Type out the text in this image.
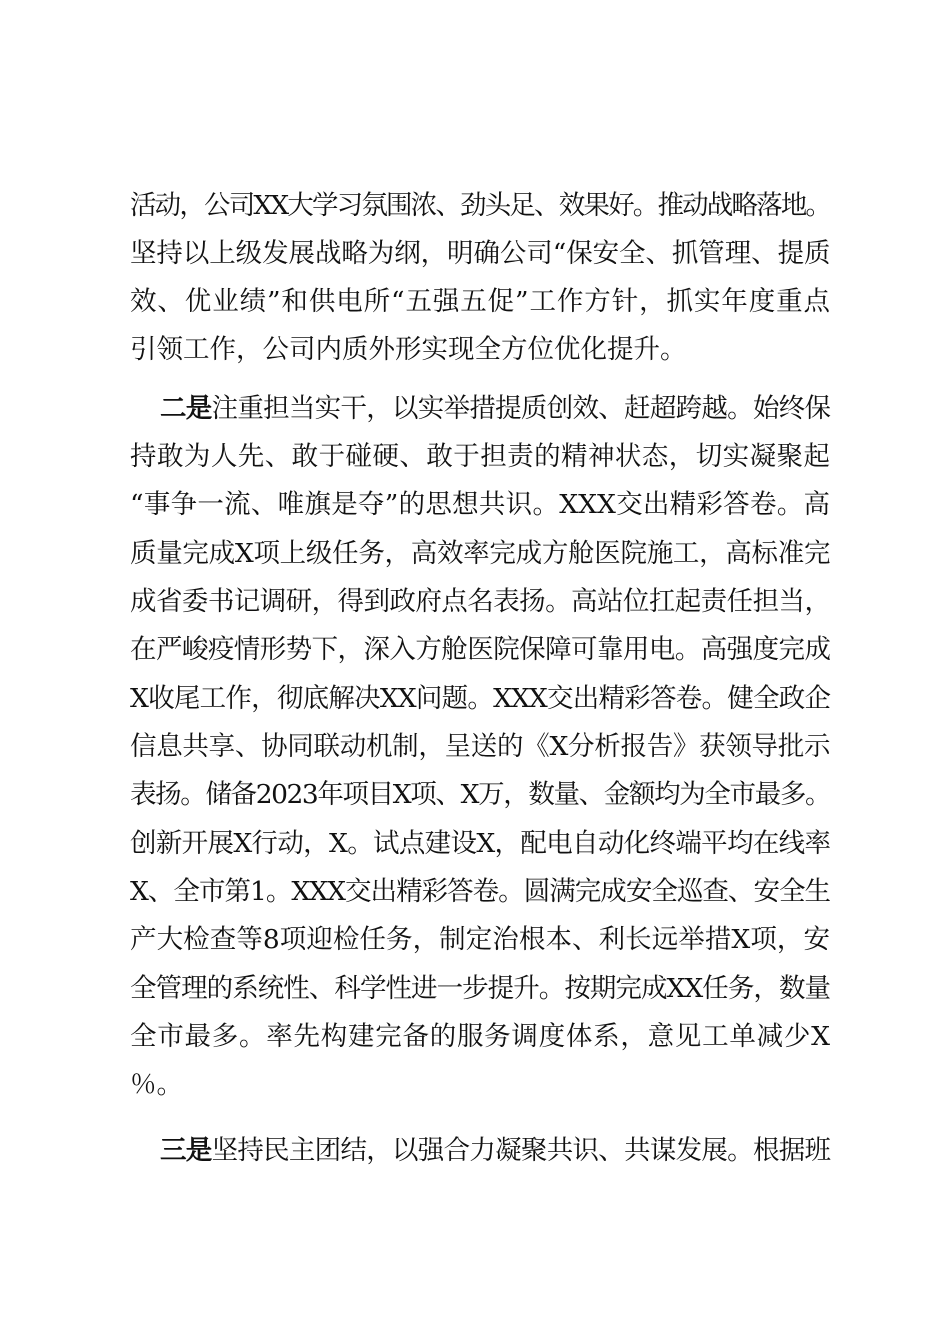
活动，公司XX大学习氛围浓、劲头足、效果好。推动战略落地。
坚持以上级发展战略为纲，明确公司“保安全、抓管理、提质
效、优业绩”和供电所“五强五促”工作方针，抓实年度重点
引领工作，公司内质外形实现全方位优化提升。
二是注重担当实干，以实举措提质创效、赶超跨越。始终保
持敢为人先、敢于碰硬、敢于担责的精神状态，切实凝聚起
“事争一流、唯旗是夺”的思想共识。XXX交出精彩答卷。高
质量完成X项上级任务，高效率完成方舱医院施工，高标准完
成省委书记调研，得到政府点名表扬。高站位扛起责任担当，
在严峻疫情形势下，深入方舱医院保障可靠用电。高强度完成
X收尾工作，彻底解决XX问题。XXX交出精彩答卷。健全政企
信息共享、协同联动机制，呈送的《X分析报告》获领导批示
表扬。储备2023年项目X项、X万，数量、金额均为全市最多。
创新开展X行动，X。试点建设X，配电自动化终端平均在线率
X、全市第1。XXX交出精彩答卷。圆满完成安全巡查、安全生
产大检查等8项迎检任务，制定治根本、利长远举措X项，安
全管理的系统性、科学性进一步提升。按期完成XX任务，数量
全市最多。率先构建完备的服务调度体系，意见工单减少X
％。
三是坚持民主团结，以强合力凝聚共识、共谋发展。根据班
